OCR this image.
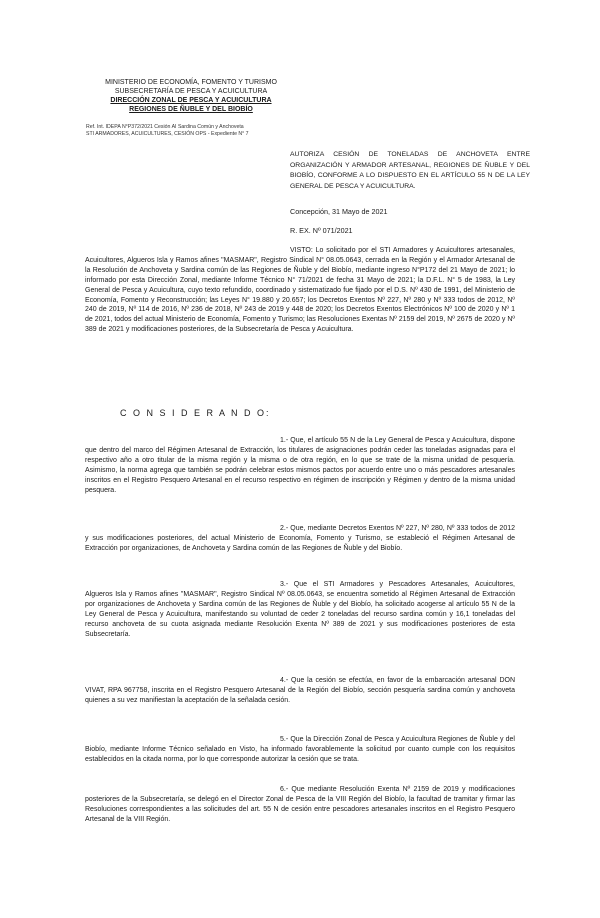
MINISTERIO DE ECONOMÍA, FOMENTO Y TURISMO
SUBSECRETARÍA DE PESCA Y ACUICULTURA
DIRECCIÓN ZONAL DE PESCA Y ACUICULTURA
REGIONES DE ÑUBLE Y DEL BIOBÍO
Ref. Int. IDEPA N°P372/2021 Cesión AI Sardina Común y Anchoveta
STI ARMADORES, ACUICULTURES, CESIÓN OPS - Expediente N° 7
AUTORIZA CESIÓN DE TONELADAS DE ANCHOVETA ENTRE ORGANIZACIÓN Y ARMADOR ARTESANAL, REGIONES DE ÑUBLE Y DEL BIOBÍO, CONFORME A LO DISPUESTO EN EL ARTÍCULO 55 N DE LA LEY GENERAL DE PESCA Y ACUICULTURA.
Concepción, 31 Mayo de 2021
R. EX. Nº 071/2021
VISTO: Lo solicitado por el STI Armadores y Acuicultores artesanales, Acuicultores, Algueros Isla y Ramos afines "MASMAR", Registro Sindical N° 08.05.0643, cerrada en la Región y el Armador Artesanal de la Resolución de Anchoveta y Sardina común de las Regiones de Ñuble y del Biobío, mediante ingreso N°P172 del 21 Mayo de 2021; lo informado por esta Dirección Zonal, mediante Informe Técnico N° 71/2021 de fecha 31 Mayo de 2021; la D.F.L. N° 5 de 1983, la Ley General de Pesca y Acuicultura, cuyo texto refundido, coordinado y sistematizado fue fijado por el D.S. Nº 430 de 1991, del Ministerio de Economía, Fomento y Reconstrucción; las Leyes N° 19.880 y 20.657; los Decretos Exentos Nº 227, Nº 280 y Nº 333 todos de 2012, Nº 240 de 2019, Nº 114 de 2016, Nº 236 de 2018, Nº 243 de 2019 y 448 de 2020; los Decretos Exentos Electrónicos Nº 100 de 2020 y Nº 1 de 2021, todos del actual Ministerio de Economía, Fomento y Turismo; las Resoluciones Exentas Nº 2159 del 2019, Nº 2675 de 2020 y Nº 389 de 2021 y modificaciones posteriores, de la Subsecretaría de Pesca y Acuicultura.
C O N S I D E R A N D O:
1.- Que, el artículo 55 N de la Ley General de Pesca y Acuicultura, dispone que dentro del marco del Régimen Artesanal de Extracción, los titulares de asignaciones podrán ceder las toneladas asignadas para el respectivo año a otro titular de la misma región y la misma o de otra región, en lo que se trate de la misma unidad de pesquería. Asimismo, la norma agrega que también se podrán celebrar estos mismos pactos por acuerdo entre uno o más pescadores artesanales inscritos en el Registro Pesquero Artesanal en el recurso respectivo en régimen de inscripción y Régimen y dentro de la misma unidad pesquera.
2.- Que, mediante Decretos Exentos Nº 227, Nº 280, Nº 333 todos de 2012 y sus modificaciones posteriores, del actual Ministerio de Economía, Fomento y Turismo, se estableció el Régimen Artesanal de Extracción por organizaciones, de Anchoveta y Sardina común de las Regiones de Ñuble y del Biobío.
3.- Que el STI Armadores y Pescadores Artesanales, Acuicultores, Algueros Isla y Ramos afines "MASMAR", Registro Sindical Nº 08.05.0643, se encuentra sometido al Régimen Artesanal de Extracción por organizaciones de Anchoveta y Sardina común de las Regiones de Ñuble y del Biobío, ha solicitado acogerse al artículo 55 N de la Ley General de Pesca y Acuicultura, manifestando su voluntad de ceder 2 toneladas del recurso sardina común y 16,1 toneladas del recurso anchoveta de su cuota asignada mediante Resolución Exenta Nº 389 de 2021 y sus modificaciones posteriores de esta Subsecretaría.
4.- Que la cesión se efectúa, en favor de la embarcación artesanal DON VIVAT, RPA 967758, inscrita en el Registro Pesquero Artesanal de la Región del Biobío, sección pesquería sardina común y anchoveta quienes a su vez manifiestan la aceptación de la señalada cesión.
5.- Que la Dirección Zonal de Pesca y Acuicultura Regiones de Ñuble y del Biobío, mediante Informe Técnico señalado en Visto, ha informado favorablemente la solicitud por cuanto cumple con los requisitos establecidos en la citada norma, por lo que corresponde autorizar la cesión que se trata.
6.- Que mediante Resolución Exenta Nº 2159 de 2019 y modificaciones posteriores de la Subsecretaría, se delegó en el Director Zonal de Pesca de la VIII Región del Biobío, la facultad de tramitar y firmar las Resoluciones correspondientes a las solicitudes del art. 55 N de cesión entre pescadores artesanales inscritos en el Registro Pesquero Artesanal de la VIII Región.
